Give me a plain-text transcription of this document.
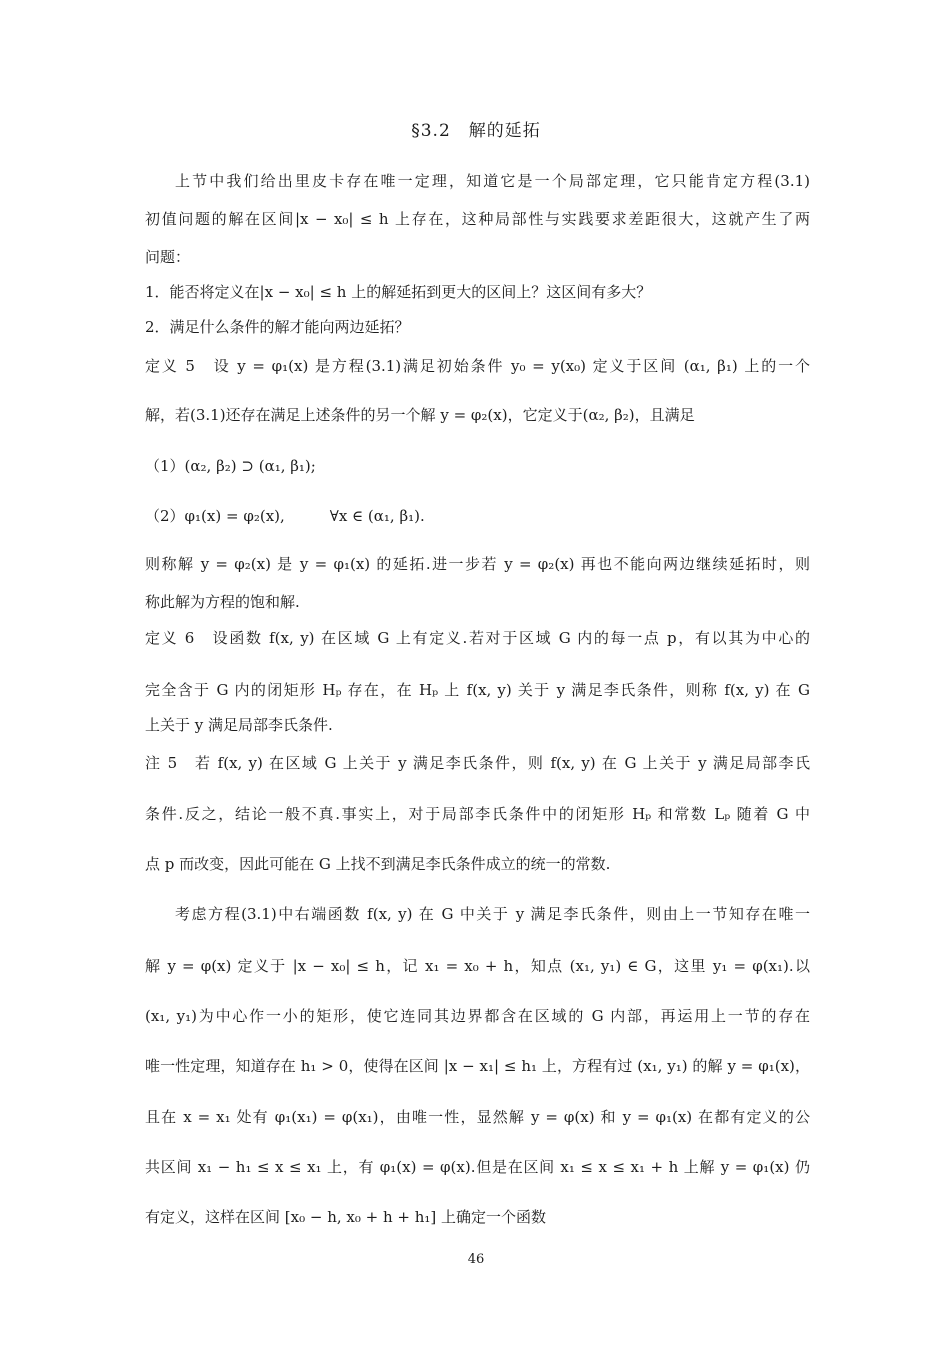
§3.2　解的延拓
上节中我们给出里皮卡存在唯一定理，知道它是一个局部定理，它只能肯定方程(3.1)
初值问题的解在区间|x − x₀| ≤ h 上存在，这种局部性与实践要求差距很大，这就产生了两
问题：
1．能否将定义在|x − x₀| ≤ h 上的解延拓到更大的区间上？这区间有多大？
2．满足什么条件的解才能向两边延拓？
定义 5　设 y = φ₁(x) 是方程(3.1)满足初始条件 y₀ = y(x₀) 定义于区间 (α₁, β₁) 上的一个
解，若(3.1)还存在满足上述条件的另一个解 y = φ₂(x)，它定义于(α₂, β₂)，且满足
（1）(α₂, β₂) ⊃ (α₁, β₁);
（2）φ₁(x) = φ₂(x),　　　∀x ∈ (α₁, β₁).
则称解 y = φ₂(x) 是 y = φ₁(x) 的延拓.进一步若 y = φ₂(x) 再也不能向两边继续延拓时，则
称此解为方程的饱和解.
定义 6　设函数 f(x, y) 在区域 G 上有定义.若对于区域 G 内的每一点 p，有以其为中心的
完全含于 G 内的闭矩形 Hₚ 存在，在 Hₚ 上 f(x, y) 关于 y 满足李氏条件，则称 f(x, y) 在 G
上关于 y 满足局部李氏条件.
注 5　若 f(x, y) 在区域 G 上关于 y 满足李氏条件，则 f(x, y) 在 G 上关于 y 满足局部李氏
条件.反之，结论一般不真.事实上，对于局部李氏条件中的闭矩形 Hₚ 和常数 Lₚ 随着 G 中
点 p 而改变，因此可能在 G 上找不到满足李氏条件成立的统一的常数.
考虑方程(3.1)中右端函数 f(x, y) 在 G 中关于 y 满足李氏条件，则由上一节知存在唯一
解 y = φ(x) 定义于 |x − x₀| ≤ h，记 x₁ = x₀ + h，知点 (x₁, y₁) ∈ G，这里 y₁ = φ(x₁).以
(x₁, y₁)为中心作一小的矩形，使它连同其边界都含在区域的 G 内部，再运用上一节的存在
唯一性定理，知道存在 h₁ > 0，使得在区间 |x − x₁| ≤ h₁ 上，方程有过 (x₁, y₁) 的解 y = φ₁(x)，
且在 x = x₁ 处有 φ₁(x₁) = φ(x₁)，由唯一性，显然解 y = φ(x) 和 y = φ₁(x) 在都有定义的公
共区间 x₁ − h₁ ≤ x ≤ x₁ 上，有 φ₁(x) = φ(x).但是在区间 x₁ ≤ x ≤ x₁ + h 上解 y = φ₁(x) 仍
有定义，这样在区间 [x₀ − h, x₀ + h + h₁] 上确定一个函数
46
